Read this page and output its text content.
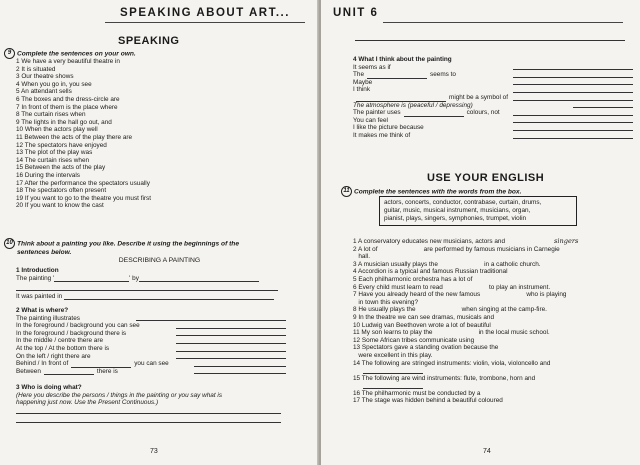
SPEAKING ABOUT ART...
SPEAKING
9 Complete the sentences on your own.
1 We have a very beautiful theatre in
2 It is situated
3 Our theatre shows
4 When you go in, you see
5 An attendant sells
6 The boxes and the dress-circle are
7 In front of them is the place where
8 The curtain rises when
9 The lights in the hall go out, and
10 When the actors play well
11 Between the acts of the play there are
12 The spectators have enjoyed
13 The plot of the play was
14 The curtain rises when
15 Between the acts of the play
16 During the intervals
17 After the performance the spectators usually
18 The spectators often present
19 If you want to go to the theatre you must first
20 If you want to know the cast
10 Think about a painting you like. Describe it using the beginnings of the
sentences below.
DESCRIBING A PAINTING
1 Introduction
The painting '	' by
It was painted in
2 What is where?
The painting illustrates
In the foreground / background you can see
In the foreground / background there is
In the middle / centre there are
At the top / At the bottom there is
On the left / right there are
Behind / In front of	you can see
Between	there is
3 Who is doing what?
(Here you describe the persons / things in the painting or you say what is
happening just now. Use the Present Continuous.)
73
UNIT 6
4 What I think about the painting
It seems as if
The	seems to
Maybe
I think
might be a symbol of
The atmosphere is (peaceful / depressing)
The painter uses	colours, not
You can feel
I like the picture because
It makes me think of
USE YOUR ENGLISH
11 Complete the sentences with the words from the box.
actors, concerts, conductor, contrabase, curtain, drums,
guitar, music, musical instrument, musicians, organ,
pianist, plays, singers, symphonies, trumpet, violin
1 A conservatory educates new musicians, actors and
2 A lot of                          are performed by famous musicians in Carnegie
hall.
3 A musician usually plays the                          in a catholic church.
4 Accordion is a typical and famous Russian traditional
5 Each philharmonic orchestra has a lot of
6 Every child must learn to read                          to play an instrument.
7 Have you already heard of the new famous                          who is playing
in town this evening?
8 He usually plays the                          when singing at the camp-fire.
9 In the theatre we can see dramas, musicals and
10 Ludwig van Beethoven wrote a lot of beautiful
11 My son learns to play the                          in the local music school.
12 Some African tribes communicate using
13 Spectators gave a standing ovation because the
were excellent in this play.
14 The following are stringed instruments: violin, viola, violoncello and
15 The following are wind instruments: flute, trombone, horn and
16 The philharmonic must be conducted by a
17 The stage was hidden behind a beautiful coloured
singers
74
